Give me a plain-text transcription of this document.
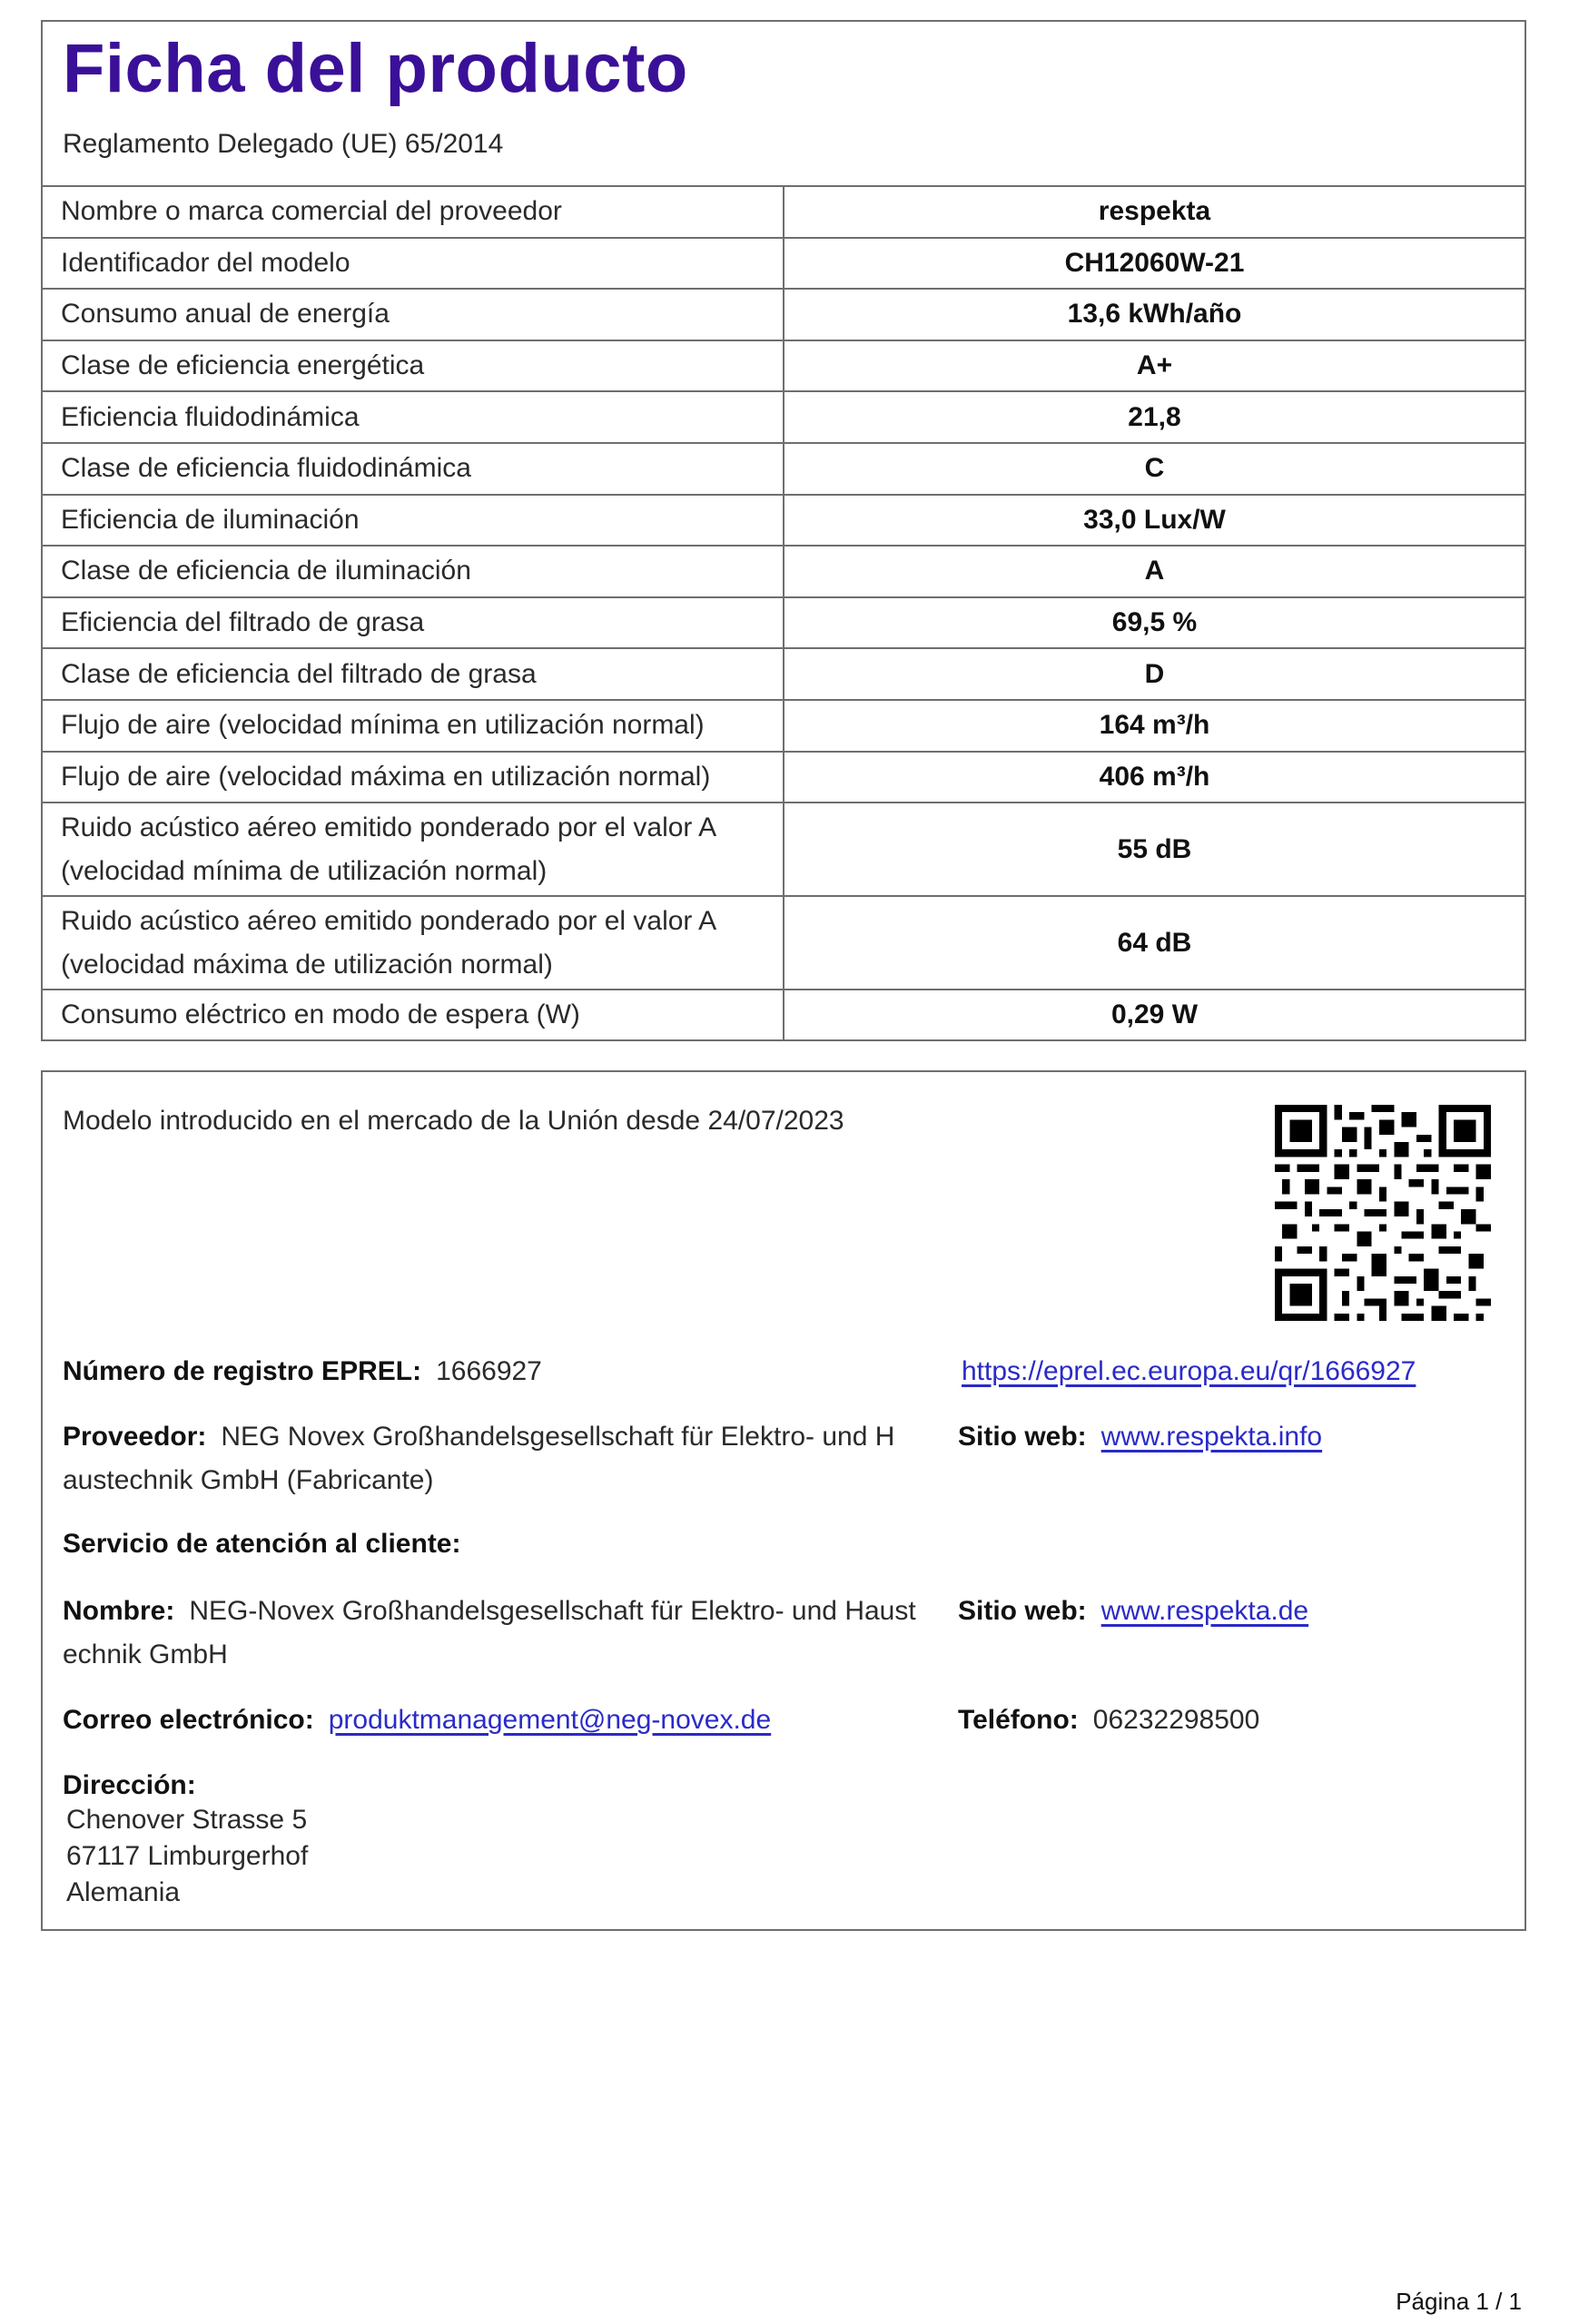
Ficha del producto
Reglamento Delegado (UE) 65/2014
Nombre o marca comercial del proveedor	respekta
Identificador del modelo	CH12060W-21
Consumo anual de energía	13,6 kWh/año
Clase de eficiencia energética	A+
Eficiencia fluidodinámica	21,8
Clase de eficiencia fluidodinámica	C
Eficiencia de iluminación	33,0 Lux/W
Clase de eficiencia de iluminación	A
Eficiencia del filtrado de grasa	69,5 %
Clase de eficiencia del filtrado de grasa	D
Flujo de aire (velocidad mínima en utilización normal)	164 m³/h
Flujo de aire (velocidad máxima en utilización normal)	406 m³/h

Ruido acústico aéreo emitido ponderado por el valor A
(velocidad mínima de utilización normal)	55 dB

Ruido acústico aéreo emitido ponderado por el valor A
(velocidad máxima de utilización normal)	64 dB
Consumo eléctrico en modo de espera (W)	0,29 W
Modelo introducido en el mercado de la Unión desde 24/07/2023
Número de registro EPREL: 1666927	https://eprel.ec.europa.eu/qr/1666927
Proveedor: NEG Novex Großhandelsgesellschaft für Elektro- und H
austechnik GmbH (Fabricante)
Sitio web: www.respekta.info
Servicio de atención al cliente:
Nombre: NEG-Novex Großhandelsgesellschaft für Elektro- und Haust
echnik GmbH
Sitio web: www.respekta.de
Correo electrónico: produktmanagement@neg-novex.de	Teléfono: 06232298500
Dirección:
Chenover Strasse 5
67117 Limburgerhof
Alemania
Página 1 / 1
